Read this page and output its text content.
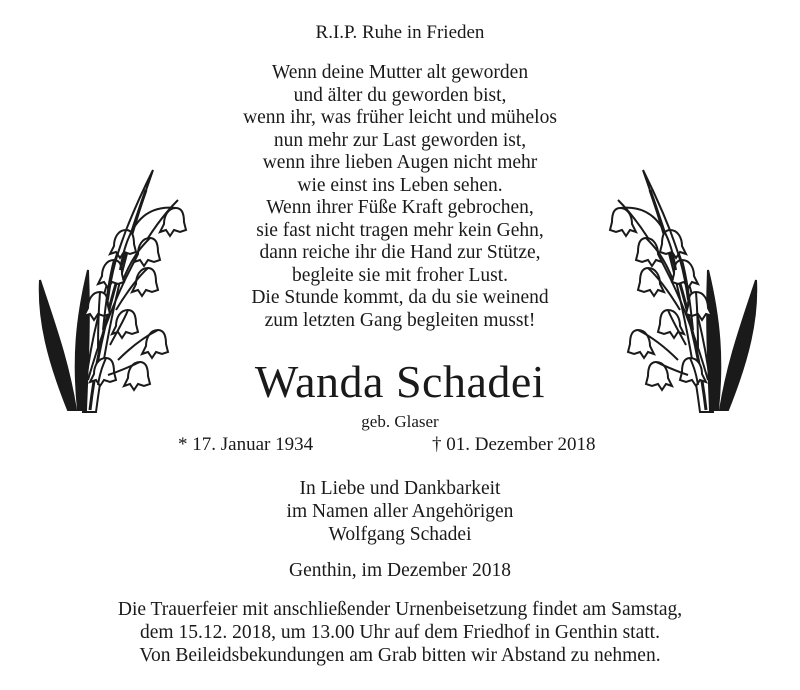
R.I.P. Ruhe in Frieden
Wenn deine Mutter alt geworden
und älter du geworden bist,
wenn ihr, was früher leicht und mühelos
nun mehr zur Last geworden ist,
wenn ihre lieben Augen nicht mehr
wie einst ins Leben sehen.
Wenn ihrer Füße Kraft gebrochen,
sie fast nicht tragen mehr kein Gehn,
dann reiche ihr die Hand zur Stütze,
begleite sie mit froher Lust.
Die Stunde kommt, da du sie weinend
zum letzten Gang begleiten musst!
Wanda Schadei
geb. Glaser
* 17. Januar 1934	† 01. Dezember 2018
In Liebe und Dankbarkeit
im Namen aller Angehörigen
Wolfgang Schadei
Genthin, im Dezember 2018
Die Trauerfeier mit anschließender Urnenbeisetzung findet am Samstag,
dem 15.12. 2018, um 13.00 Uhr auf dem Friedhof in Genthin statt.
Von Beileidsbekundungen am Grab bitten wir Abstand zu nehmen.
